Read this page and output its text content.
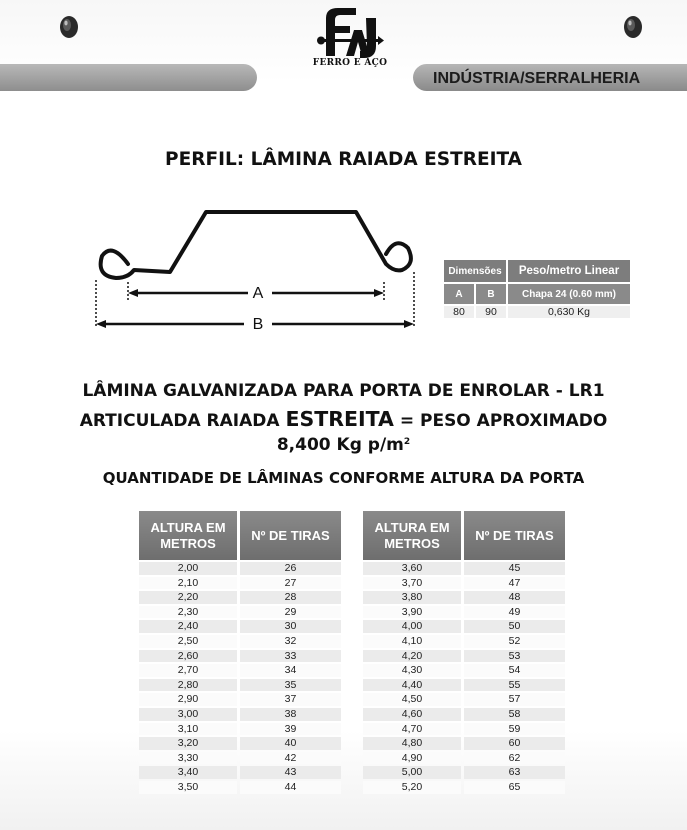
FERRO E AÇO
INDÚSTRIA/SERRALHERIA
PERFIL: LÂMINA RAIADA ESTREITA
A
B
Dimensões		Peso/metro Linear
A	B	Chapa 24 (0.60 mm)
80	90	0,630 Kg
LÂMINA GALVANIZADA PARA PORTA DE ENROLAR - LR1
ARTICULADA RAIADA ESTREITA = PESO APROXIMADO
8,400 Kg $p/m^2$
QUANTIDADE DE LÂMINAS CONFORME ALTURA DA PORTA
ALTURA EM
METROS	Nº DE TIRAS
2,00	26
2,10	27
2,20	28
2,30	29
2,40	30
2,50	32
2,60	33
2,70	34
2,80	35
2,90	37
3,00	38
3,10	39
3,20	40
3,30	42
3,40	43
3,50	44
ALTURA EM
METROS	Nº DE TIRAS
3,60	45
3,70	47
3,80	48
3,90	49
4,00	50
4,10	52
4,20	53
4,30	54
4,40	55
4,50	57
4,60	58
4,70	59
4,80	60
4,90	62
5,00	63
5,20	65
